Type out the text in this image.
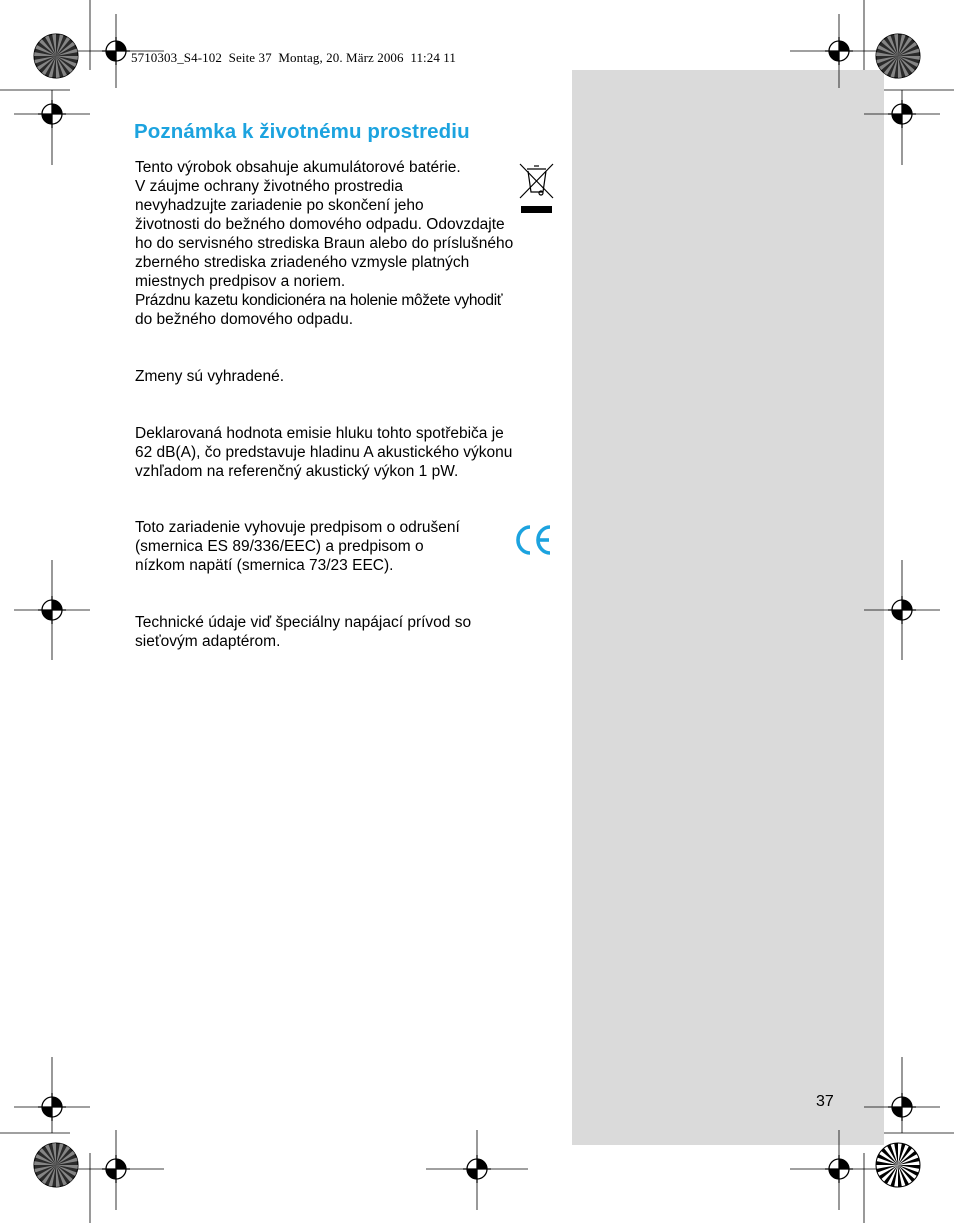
5710303_S4-102  Seite 37  Montag, 20. März 2006  11:24 11
Poznámka k životnému prostrediu
Tento výrobok obsahuje akumulátorové batérie.
V záujme ochrany životného prostredia
nevyhadzujte zariadenie po skončení jeho
životnosti do bežného domového odpadu. Odovzdajte
ho do servisného strediska Braun alebo do príslušného
zberného strediska zriadeného vzmysle platných
miestnych predpisov a noriem.
Prázdnu kazetu kondicionéra na holenie môžete vyhodiť
do bežného domového odpadu.
Zmeny sú vyhradené.
Deklarovaná hodnota emisie hluku tohto spotřebiča je
62 dB(A), čo predstavuje hladinu A akustického výkonu
vzhľadom na referenčný akustický výkon 1 pW.
Toto zariadenie vyhovuje predpisom o odrušení
(smernica ES 89/336/EEC) a predpisom o
nízkom napätí (smernica 73/23 EEC).
Technické údaje viď špeciálny napájací prívod so
sieťovým adaptérom.
37
